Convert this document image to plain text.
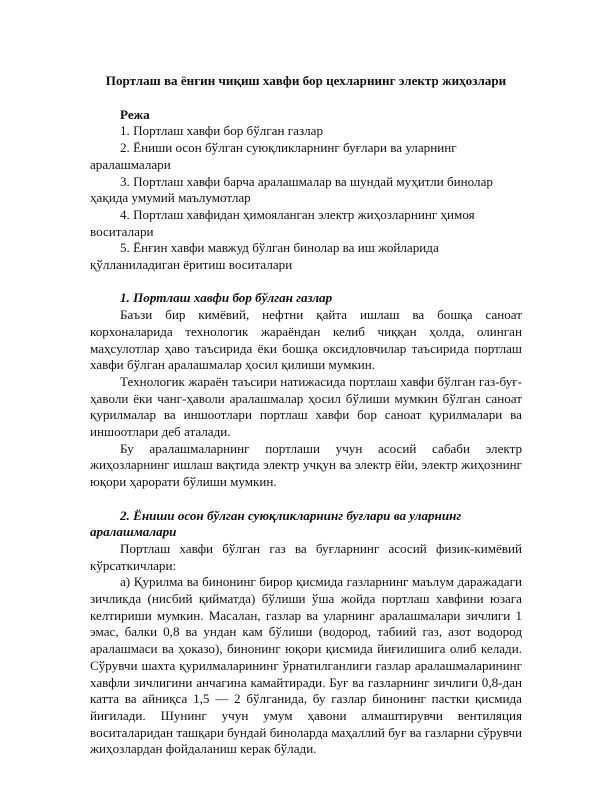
Портлаш ва ёнғин чиқиш хавфи бор цехларнинг электр жиҳозлари

Режа

1. Портлаш хавфи бор бўлган газлар

2. Ёниши осон бўлган суюқликларнинг буғлари ва уларнинг аралашмалари

3. Портлаш хавфи барча аралашмалар ва шундай муҳитли бинолар ҳақида умумий маълумотлар

4. Портлаш хавфидан ҳимояланган электр жиҳозларнинг ҳимоя воситалари

5. Ёнғин хавфи мавжуд бўлган бинолар ва иш жойларида қўлланиладиган ёритиш воситалари

1. Портлаш хавфи бор бўлган газлар

Баъзи бир кимёвий, нефтни қайта ишлаш ва бошқа саноат корхоналарида технологик жараёндан келиб чиққан ҳолда, олинган маҳсулотлар ҳаво таъсирида ёки бошқа оксидловчилар таъсирида портлаш хавфи бўлган аралашмалар ҳосил қилиши мумкин.

Технологик жараён таъсири натижасида портлаш хавфи бўлган газ-буғ-ҳаволи ёки чанг-ҳаволи аралашмалар ҳосил бўлиши мумкин бўлган саноат қурилмалар ва иншоотлари портлаш хавфи бор саноат қурилмалари ва иншоотлари деб аталади.

Бу аралашмаларнинг портлаши учун асосий сабаби электр жиҳозларнинг ишлаш вақтида электр учқун ва электр ёйи, электр жиҳознинг юқори ҳарорати бўлиши мумкин.

2. Ёниши осон бўлган суюқликларнинг буғлари ва уларнинг аралашмалари

Портлаш хавфи бўлган газ ва буғларнинг асосий физик-кимёвий кўрсаткичлари:

а) Қурилма ва бинонинг бирор қисмида газларнинг маълум даражадаги зичликда (нисбий қийматда) бўлиши ўша жойда портлаш хавфини юзага келтириши мумкин. Масалан, газлар ва уларнинг аралашмалари зичлиги 1 эмас, балки 0,8 ва ундан кам бўлиши (водород, табиий газ, азот водород аралашмаси ва ҳоказо), бинонинг юқори қисмида йиғилишига олиб келади. Сўрувчи шахта қурилмаларининг ўрнатилганлиги газлар аралашмаларининг хавфли зичлигини анчагина камайтиради. Буғ ва газларнинг зичлиги 0,8-дан катта ва айниқса 1,5 — 2 бўлганида, бу газлар бинонинг пастки қисмида йиғилади. Шунинг учун умум ҳавони алмаштирувчи вентиляция воситаларидан ташқари бундай биноларда маҳаллий буғ ва газларни сўрувчи жиҳозлардан фойдаланиш керак бўлади.
